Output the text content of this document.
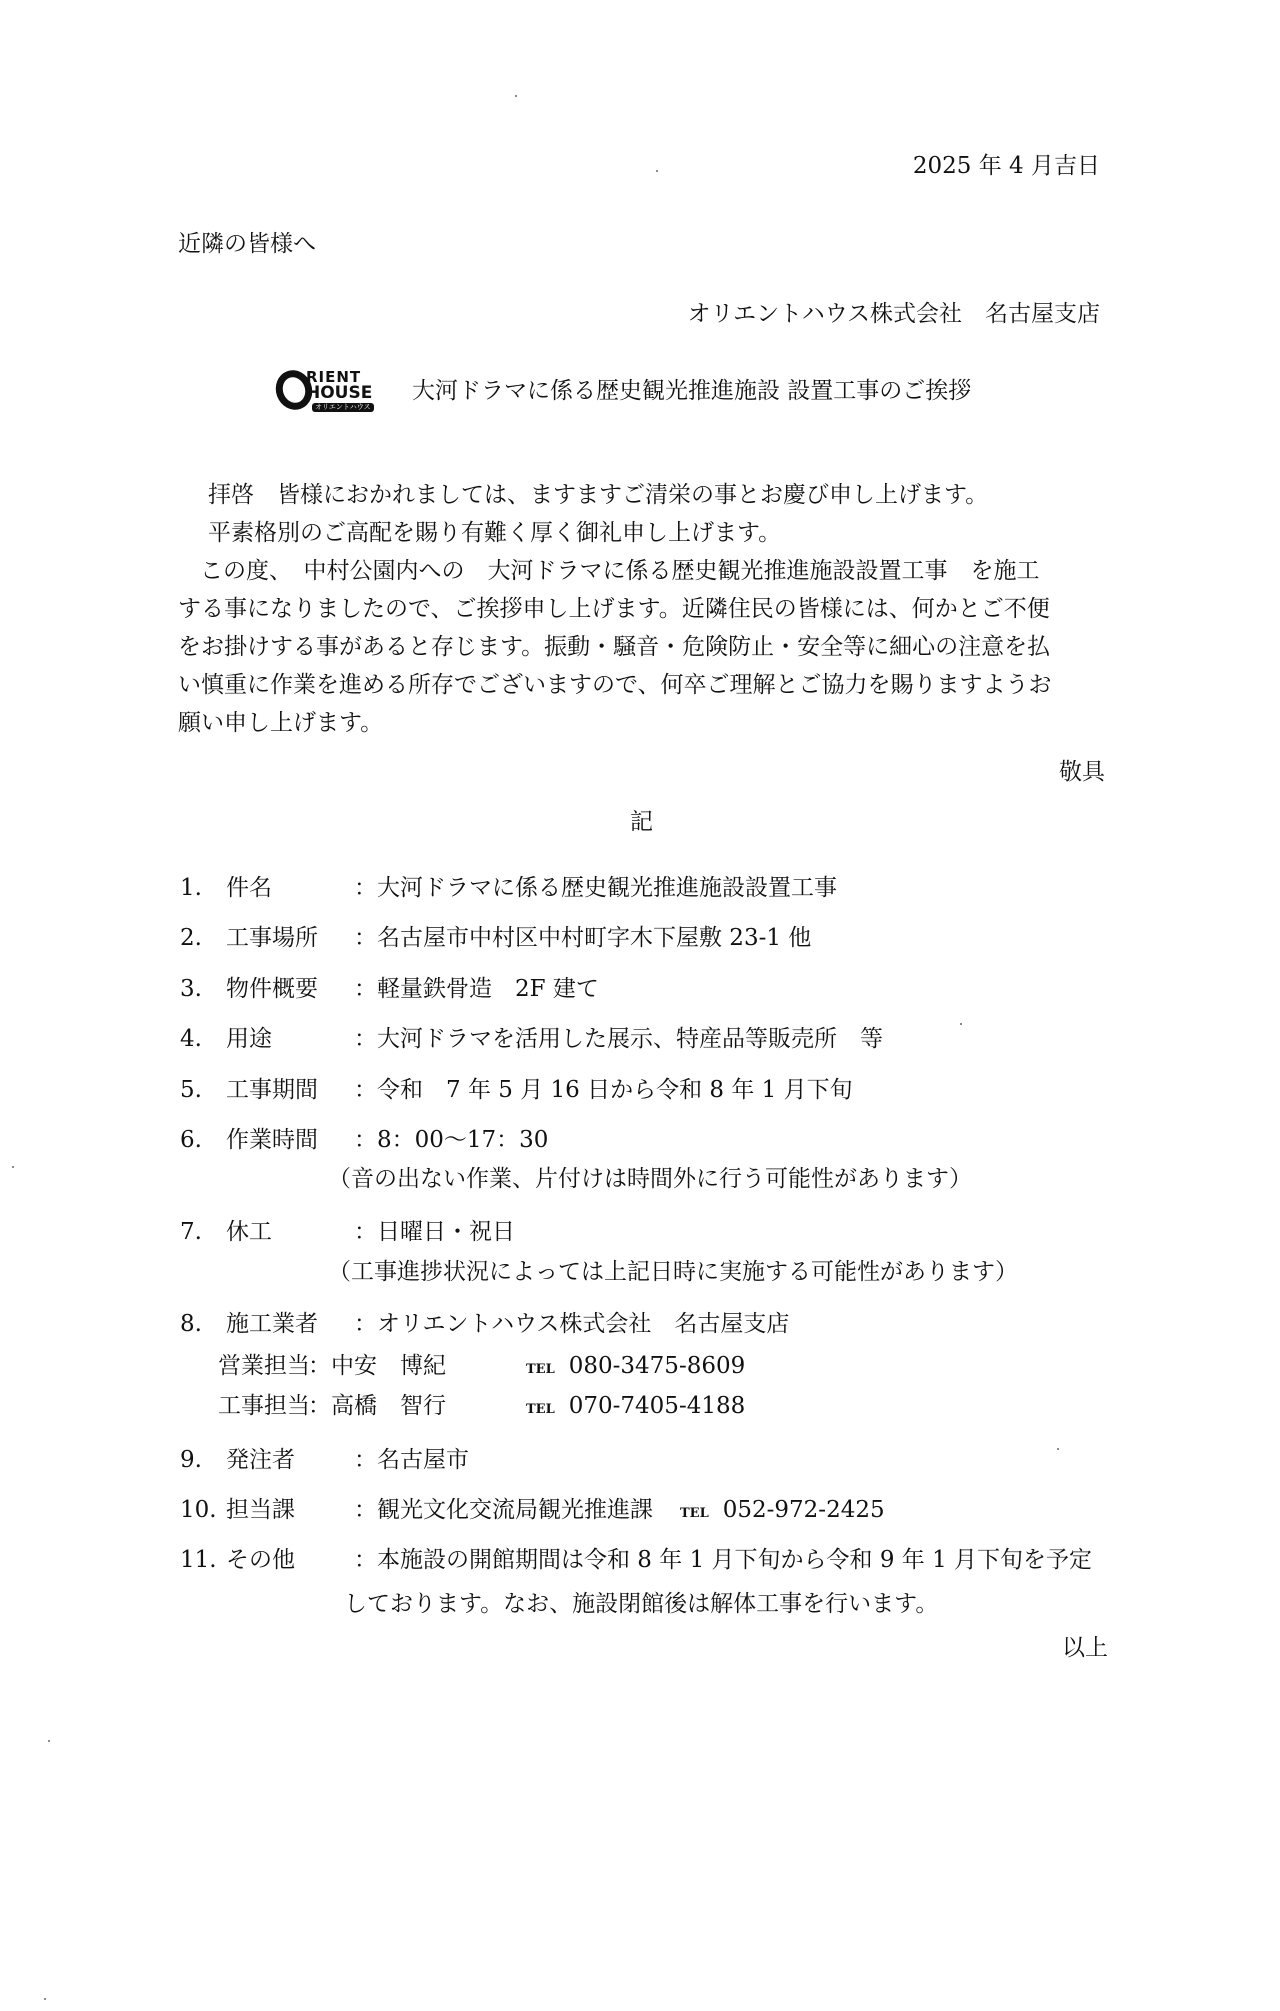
2025 年 4 月吉日
近隣の皆様へ
オリエントハウス株式会社　名古屋支店
RIENT
HOUSE
オリエントハウス
大河ドラマに係る歴史観光推進施設 設置工事のご挨拶
拝啓　皆様におかれましては、ますますご清栄の事とお慶び申し上げます。
平素格別のご高配を賜り有難く厚く御礼申し上げます。
この度、　中村公園内への　大河ドラマに係る歴史観光推進施設設置工事　を施工
する事になりましたので、ご挨拶申し上げます。近隣住民の皆様には、何かとご不便
をお掛けする事があると存じます。振動・騒音・危険防止・安全等に細心の注意を払
い慎重に作業を進める所存でございますので、何卒ご理解とご協力を賜りますようお
願い申し上げます。
敬具
記
1. 件名	：大河ドラマに係る歴史観光推進施設設置工事
2. 工事場所 ：名古屋市中村区中村町字木下屋敷 23-1 他
3. 物件概要 ：軽量鉄骨造　2F 建て
4. 用途	：大河ドラマを活用した展示、特産品等販売所　等
5. 工事期間 ：令和　7 年 5 月 16 日から令和 8 年 1 月下旬
6. 作業時間 ：8：00～17：30
（音の出ない作業、片付けは時間外に行う可能性があります）
7. 休工	：日曜日・祝日
（工事進捗状況によっては上記日時に実施する可能性があります）
8. 施工業者 ：オリエントハウス株式会社　名古屋支店
営業担当：中安　博紀	TEL 080-3475-8609
工事担当：高橋　智行	TEL 070-7405-4188
9. 発注者	：名古屋市
10. 担当課	：観光文化交流局観光推進課 TEL 052-972-2425
11. その他	：本施設の開館期間は令和 8 年 1 月下旬から令和 9 年 1 月下旬を予定
しております。なお、施設閉館後は解体工事を行います。
以上
